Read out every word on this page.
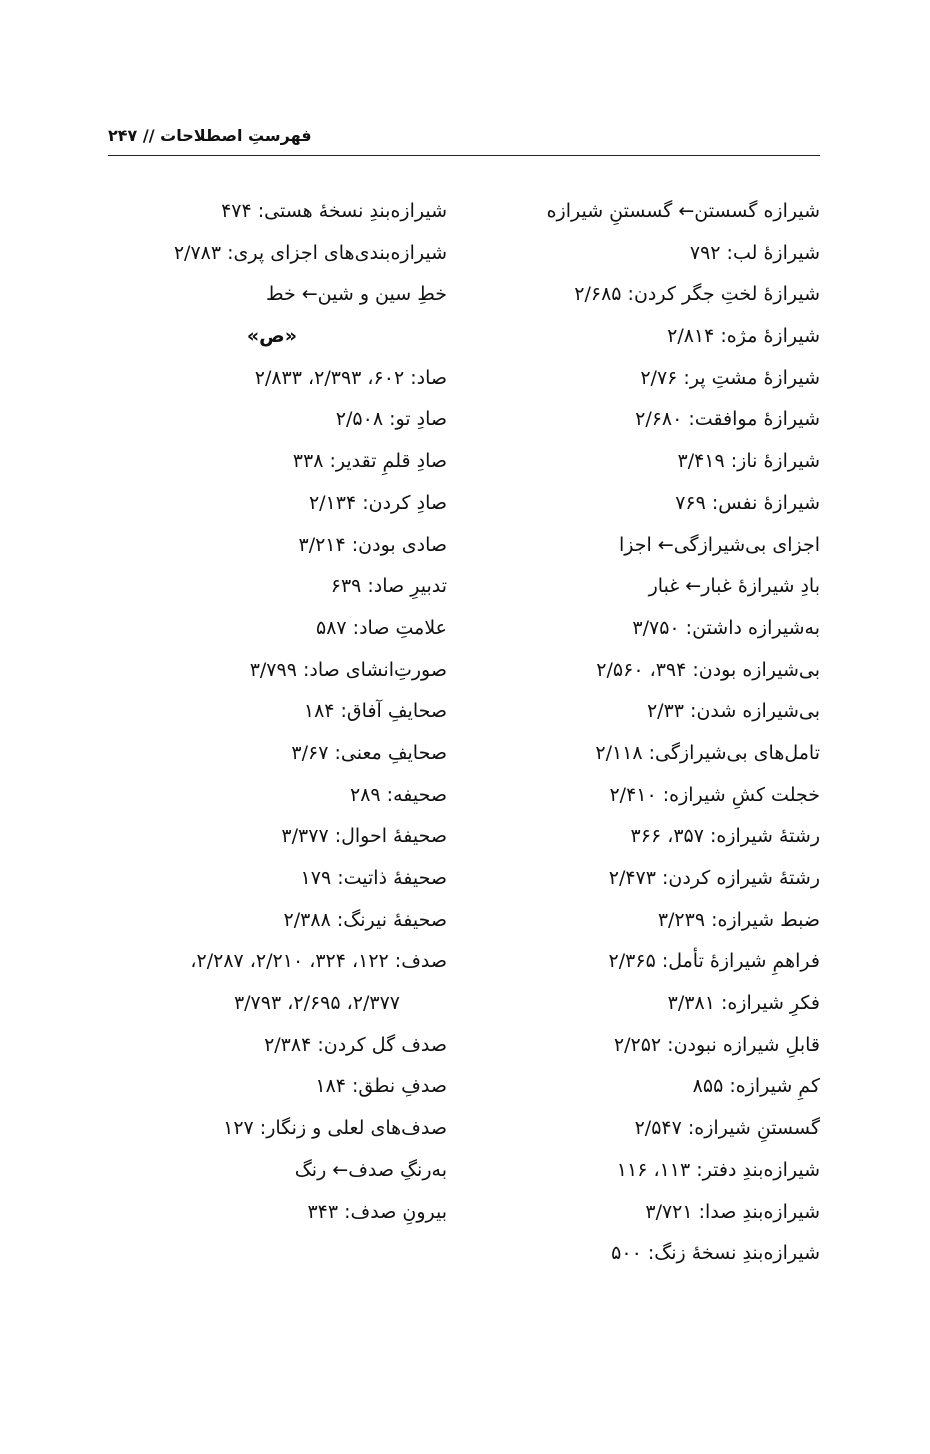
فهرستِ اصطلاحات // ۲۴۷
شیرازه گسستن← گسستنِ شیرازه
شیرازۀ لب: ۷۹۲
شیرازۀ لختِ جگر کردن: ۲/۶۸۵
شیرازۀ مژه: ۲/۸۱۴
شیرازۀ مشتِ پر: ۲/۷۶
شیرازۀ موافقت: ۲/۶۸۰
شیرازۀ ناز: ۳/۴۱۹
شیرازۀ نفس: ۷۶۹
اجزای بی‌شیرازگی← اجزا
بادِ شیرازۀ غبار← غبار
به‌شیرازه داشتن: ۳/۷۵۰
بی‌شیرازه بودن: ۳۹۴، ۲/۵۶۰
بی‌شیرازه شدن: ۲/۳۳
تامل‌های بی‌شیرازگی: ۲/۱۱۸
خجلت کشِ شیرازه: ۲/۴۱۰
رشتۀ شیرازه: ۳۵۷، ۳۶۶
رشتۀ شیرازه کردن: ۲/۴۷۳
ضبط شیرازه: ۳/۲۳۹
فراهمِ شیرازۀ تأمل: ۲/۳۶۵
فکرِ شیرازه: ۳/۳۸۱
قابلِ شیرازه نبودن: ۲/۲۵۲
کمِ شیرازه: ۸۵۵
گسستنِ شیرازه: ۲/۵۴۷
شیرازه‌بندِ دفتر: ۱۱۳، ۱۱۶
شیرازه‌بندِ صدا: ۳/۷۲۱
شیرازه‌بندِ نسخۀ زنگ: ۵۰۰
شیرازه‌بندِ نسخۀ هستی: ۴۷۴
شیرازه‌بندی‌های اجزای پری: ۲/۷۸۳
خطِ سین و شین← خط
«ص»
صاد: ۶۰۲، ۲/۳۹۳، ۲/۸۳۳
صادِ تو: ۲/۵۰۸
صادِ قلمِ تقدیر: ۳۳۸
صادِ کردن: ۲/۱۳۴
صادی بودن: ۳/۲۱۴
تدبیرِ صاد: ۶۳۹
علامتِ صاد: ۵۸۷
صورتِ‌انشای صاد: ۳/۷۹۹
صحایفِ آفاق: ۱۸۴
صحایفِ معنی: ۳/۶۷
صحیفه: ۲۸۹
صحیفۀ احوال: ۳/۳۷۷
صحیفۀ ذاتیت: ۱۷۹
صحیفۀ نیرنگ: ۲/۳۸۸
صدف: ۱۲۲، ۳۲۴، ۲/۲۱۰، ۲/۲۸۷،
۲/۳۷۷، ۲/۶۹۵، ۳/۷۹۳
صدف گل کردن: ۲/۳۸۴
صدفِ نطق: ۱۸۴
صدف‌های لعلی و زنگار: ۱۲۷
به‌رنگِ صدف← رنگ
بیرونِ صدف: ۳۴۳
